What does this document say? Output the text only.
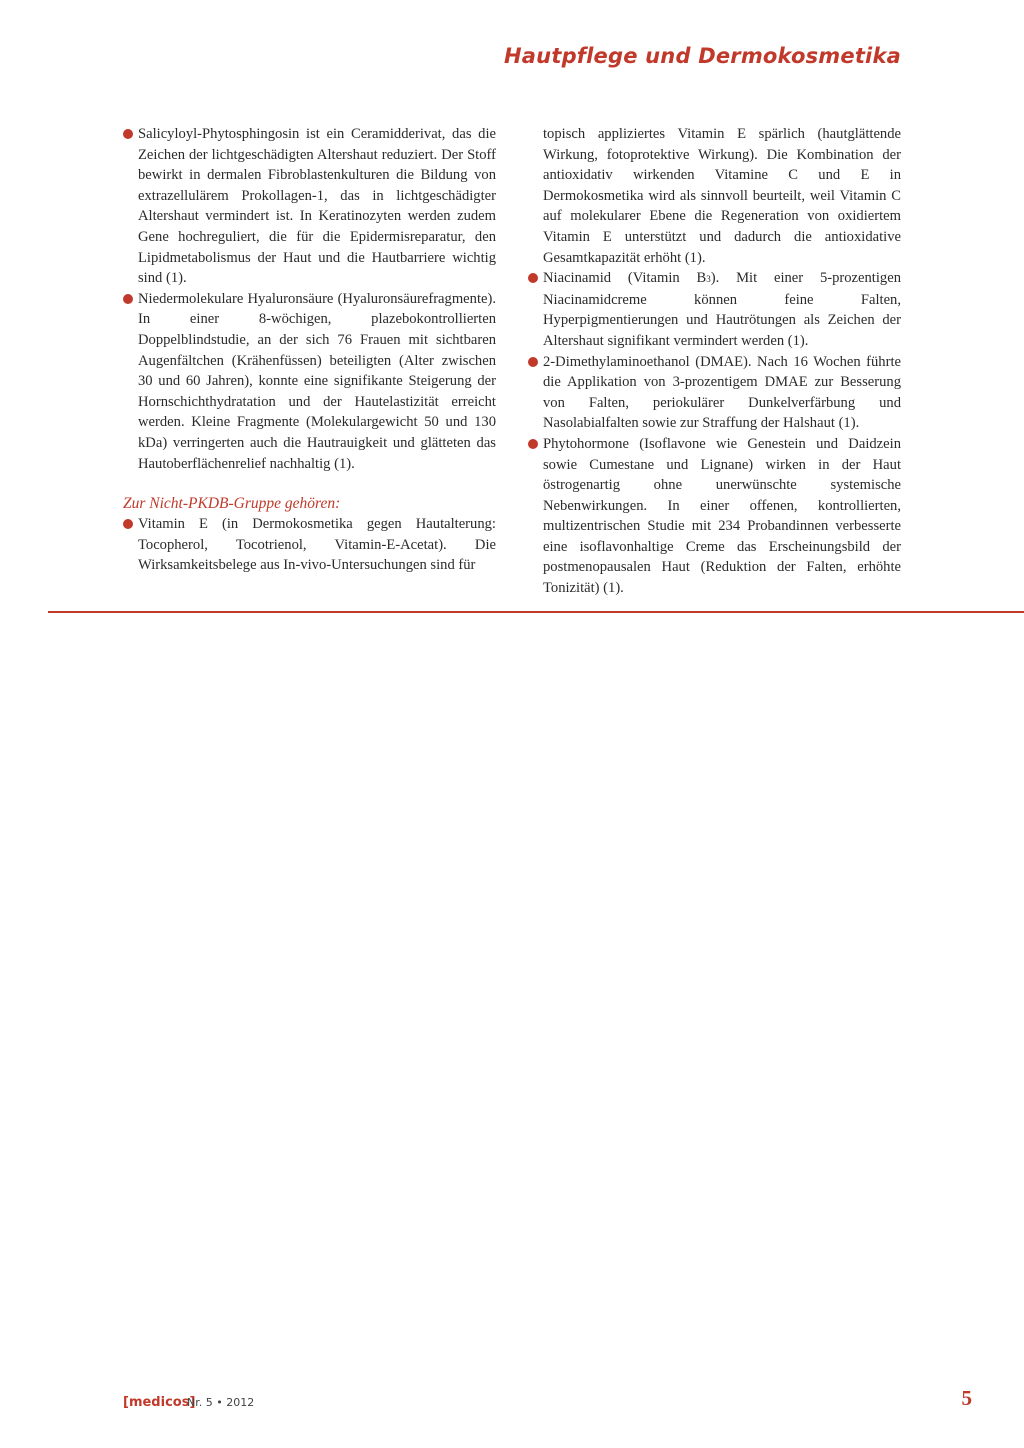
Hautpflege und Dermokosmetika
Salicyloyl-Phytosphingosin ist ein Ceramidderivat, das die Zeichen der lichtgeschädigten Altershaut reduziert. Der Stoff bewirkt in dermalen Fibroblastenkulturen die Bildung von extrazellulärem Prokollagen-1, das in lichtgeschädigter Altershaut vermindert ist. In Keratinozyten werden zudem Gene hochreguliert, die für die Epidermisreparatur, den Lipidmetabolismus der Haut und die Hautbarriere wichtig sind (1).
Niedermolekulare Hyaluronsäure (Hyaluronsäurefragmente). In einer 8-wöchigen, plazebokontrollierten Doppelblindstudie, an der sich 76 Frauen mit sichtbaren Augenfältchen (Krähenfüssen) beteiligten (Alter zwischen 30 und 60 Jahren), konnte eine signifikante Steigerung der Hornschichthydratation und der Hautelastizität erreicht werden. Kleine Fragmente (Molekulargewicht 50 und 130 kDa) verringerten auch die Hautrauigkeit und glätteten das Hautoberflächenrelief nachhaltig (1).
Zur Nicht-PKDB-Gruppe gehören:
Vitamin E (in Dermokosmetika gegen Hautalterung: Tocopherol, Tocotrienol, Vitamin-E-Acetat). Die Wirksamkeitsbelege aus In-vivo-Untersuchungen sind für
topisch appliziertes Vitamin E spärlich (hautglättende Wirkung, fotoprotektive Wirkung). Die Kombination der antioxidativ wirkenden Vitamine C und E in Dermokosmetika wird als sinnvoll beurteilt, weil Vitamin C auf molekularer Ebene die Regeneration von oxidiertem Vitamin E unterstützt und dadurch die antioxidative Gesamtkapazität erhöht (1).
Niacinamid (Vitamin B3). Mit einer 5-prozentigen Niacinamidcreme können feine Falten, Hyperpigmentierungen und Hautrötungen als Zeichen der Altershaut signifikant vermindert werden (1).
2-Dimethylaminoethanol (DMAE). Nach 16 Wochen führte die Applikation von 3-prozentigem DMAE zur Besserung von Falten, periokulärer Dunkelverfärbung und Nasolabialfalten sowie zur Straffung der Halshaut (1).
Phytohormone (Isoflavone wie Genestein und Daidzein sowie Cumestane und Lignane) wirken in der Haut östrogenartig ohne unerwünschte systemische Nebenwirkungen. In einer offenen, kontrollierten, multizentrischen Studie mit 234 Probandinnen verbesserte eine isoflavonhaltige Creme das Erscheinungsbild der postmenopausalen Haut (Reduktion der Falten, erhöhte Tonizität) (1).
[medicos]
Nr. 5 • 2012	5
